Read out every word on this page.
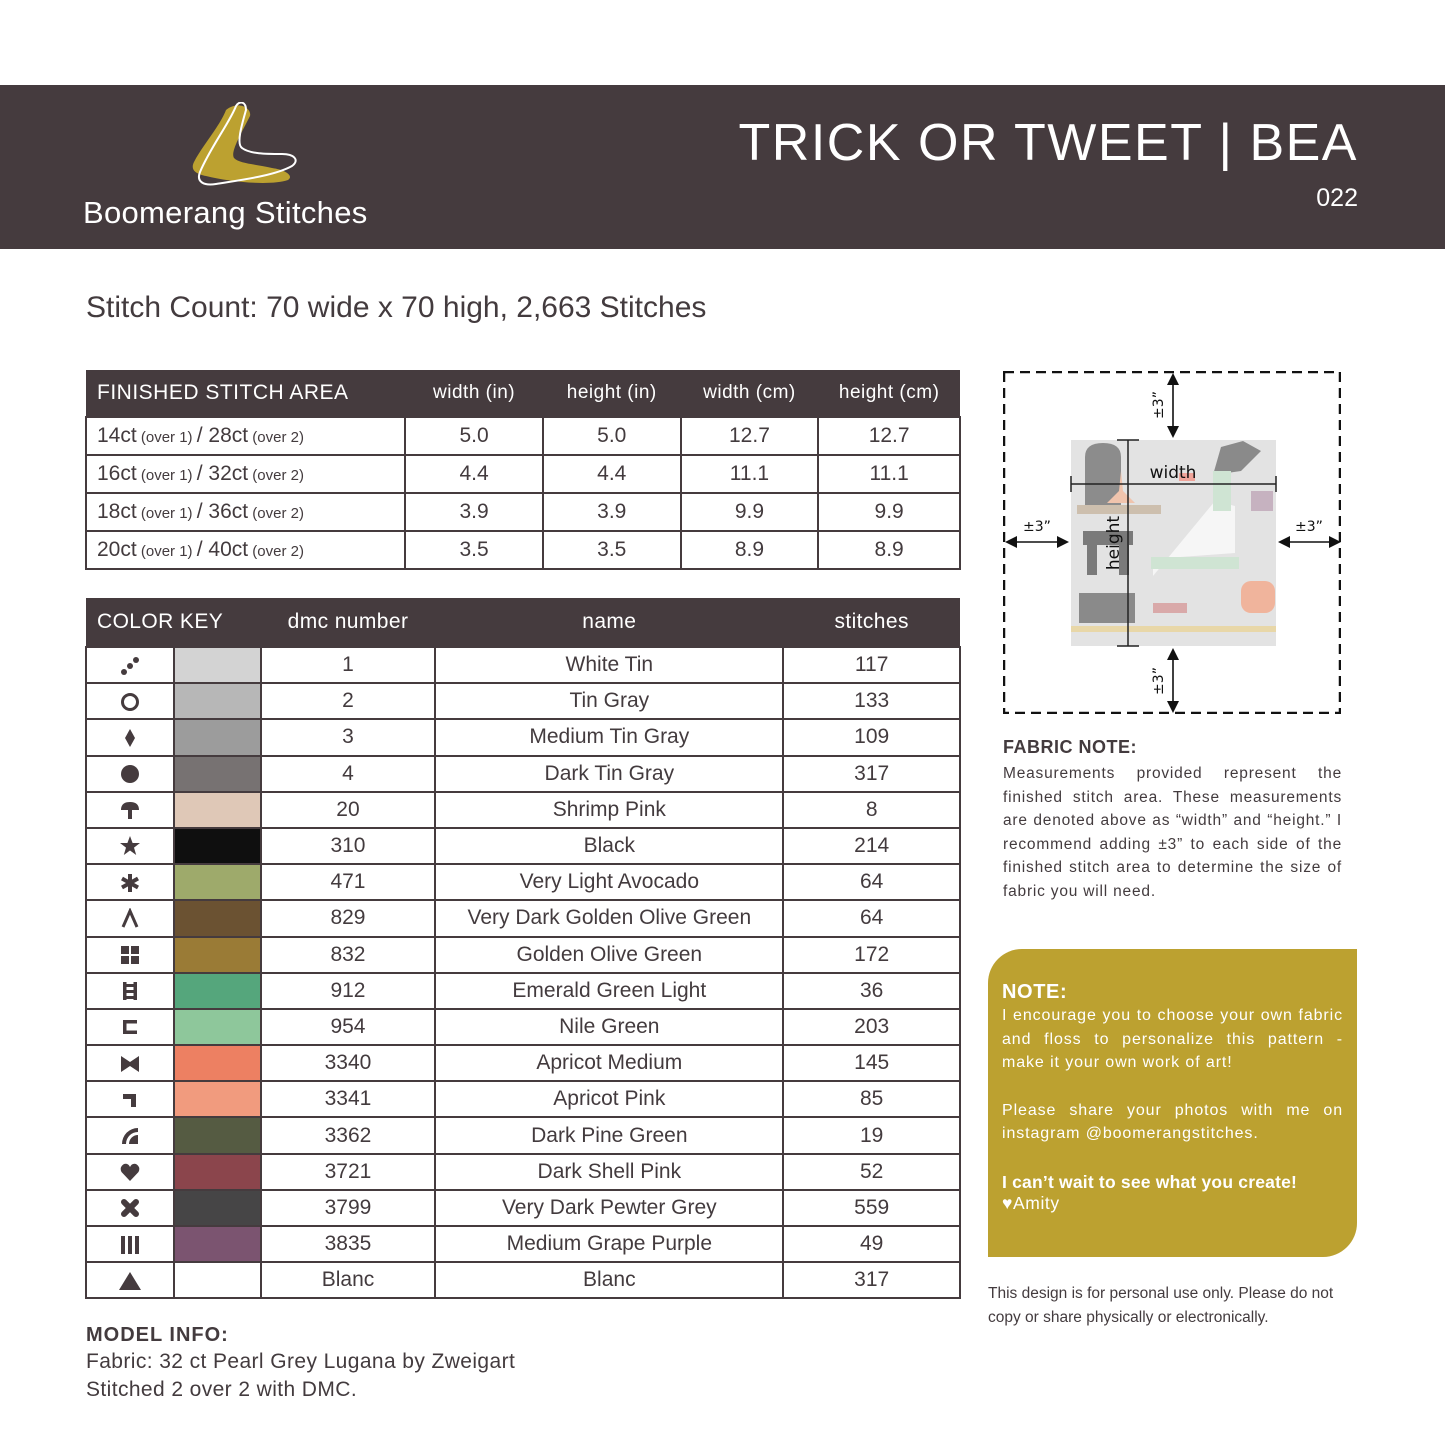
Boomerang Stitches
TRICK OR TWEET | BEA
022
Stitch Count: 70 wide x 70 high, 2,663 Stitches
FINISHED STITCH AREA	width (in)	height (in)	width (cm)	height (cm)
14ct (over 1) / 28ct (over 2)	5.0	5.0	12.7	12.7
16ct (over 1) / 32ct (over 2)	4.4	4.4	11.1	11.1
18ct (over 1) / 36ct (over 2)	3.9	3.9	9.9	9.9
20ct (over 1) / 40ct (over 2)	3.5	3.5	8.9	8.9
COLOR KEY		dmc number	name	stitches
		1	White Tin	117
		2	Tin Gray	133
		3	Medium Tin Gray	109
		4	Dark Tin Gray	317
		20	Shrimp Pink	8
		310	Black	214
		471	Very Light Avocado	64
		829	Very Dark Golden Olive Green	64
		832	Golden Olive Green	172
		912	Emerald Green Light	36
		954	Nile Green	203
		3340	Apricot Medium	145
		3341	Apricot Pink	85
		3362	Dark Pine Green	19
		3721	Dark Shell Pink	52
		3799	Very Dark Pewter Grey	559
		3835	Medium Grape Purple	49
		Blanc	Blanc	317
width
height
±3”
±3”
±3”	±3”
FABRIC NOTE:
Measurements provided represent the finished stitch area. These measurements are denoted above as “width” and “height.” I recommend adding ±3” to each side of the finished stitch area to determine the size of fabric you will need.
NOTE:
I encourage you to choose your own fabric and floss to personalize this pattern - make it your own work of art!
Please share your photos with me on instagram @boomerangstitches.
I can’t wait to see what you create!
♥Amity
This design is for personal use only. Please do not copy or share physically or electronically.
MODEL INFO:
Fabric: 32 ct Pearl Grey Lugana by Zweigart
Stitched 2 over 2 with DMC.
